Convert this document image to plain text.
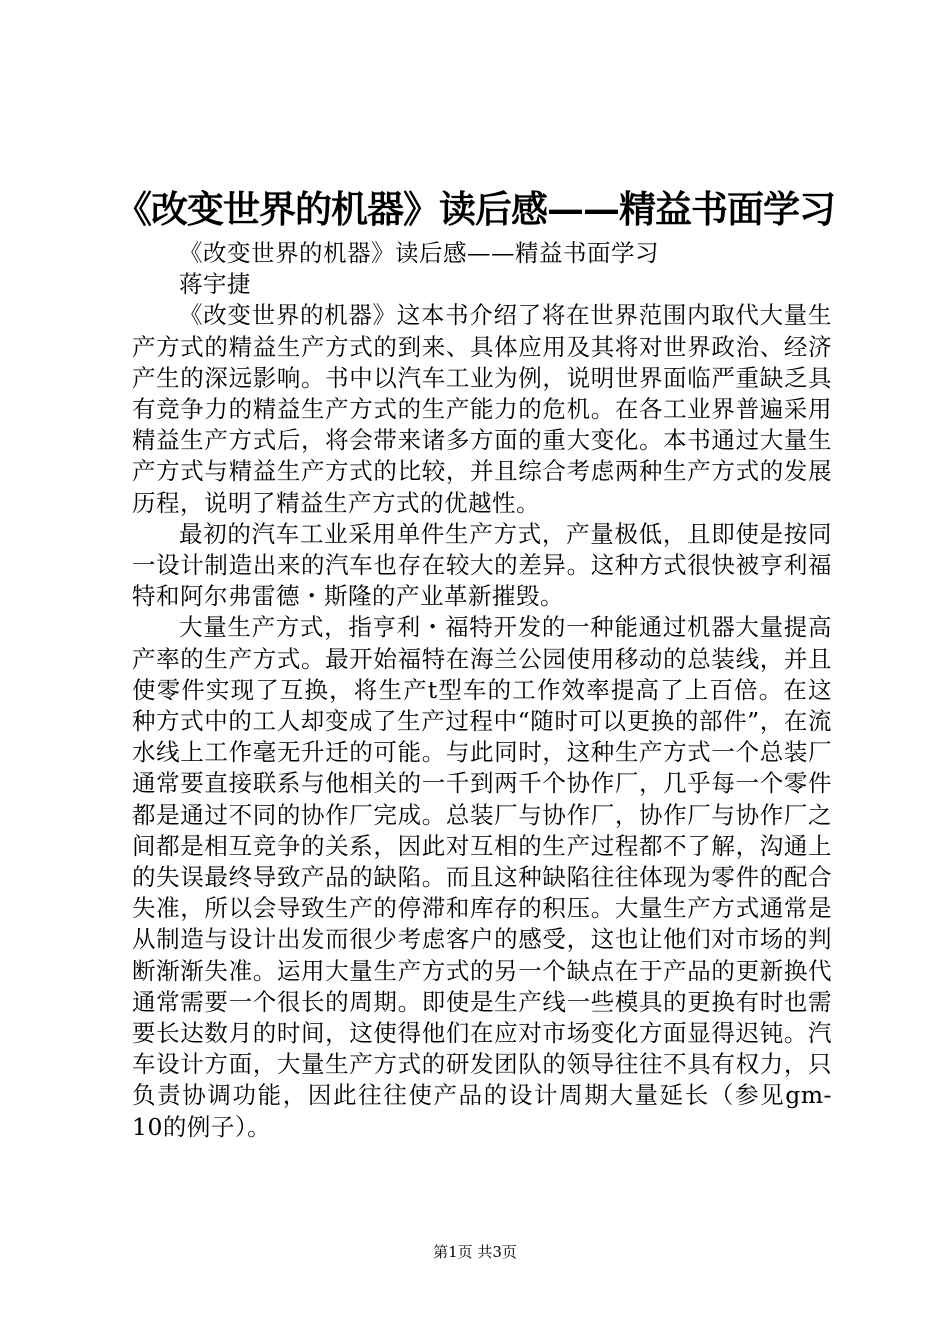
《改变世界的机器》读后感——精益书面学习

《改变世界的机器》读后感——精益书面学习

蒋宇捷

《改变世界的机器》这本书介绍了将在世界范围内取代大量生产方式的精益生产方式的到来、具体应用及其将对世界政治、经济产生的深远影响。书中以汽车工业为例，说明世界面临严重缺乏具有竞争力的精益生产方式的生产能力的危机。在各工业界普遍采用精益生产方式后，将会带来诸多方面的重大变化。本书通过大量生产方式与精益生产方式的比较，并且综合考虑两种生产方式的发展历程，说明了精益生产方式的优越性。

最初的汽车工业采用单件生产方式，产量极低，且即使是按同一设计制造出来的汽车也存在较大的差异。这种方式很快被亨利福特和阿尔弗雷德・斯隆的产业革新摧毁。

大量生产方式，指亨利・福特开发的一种能通过机器大量提高产率的生产方式。最开始福特在海兰公园使用移动的总装线，并且使零件实现了互换，将生产t型车的工作效率提高了上百倍。在这种方式中的工人却变成了生产过程中“随时可以更换的部件”，在流水线上工作毫无升迁的可能。与此同时，这种生产方式一个总装厂通常要直接联系与他相关的一千到两千个协作厂，几乎每一个零件都是通过不同的协作厂完成。总装厂与协作厂，协作厂与协作厂之间都是相互竞争的关系，因此对互相的生产过程都不了解，沟通上的失误最终导致产品的缺陷。而且这种缺陷往往体现为零件的配合失准，所以会导致生产的停滞和库存的积压。大量生产方式通常是从制造与设计出发而很少考虑客户的感受，这也让他们对市场的判断渐渐失准。运用大量生产方式的另一个缺点在于产品的更新换代通常需要一个很长的周期。即使是生产线一些模具的更换有时也需要长达数月的时间，这使得他们在应对市场变化方面显得迟钝。汽车设计方面，大量生产方式的研发团队的领导往往不具有权力，只负责协调功能，因此往往使产品的设计周期大量延长（参见gm-10的例子）。

第1页 共3页
